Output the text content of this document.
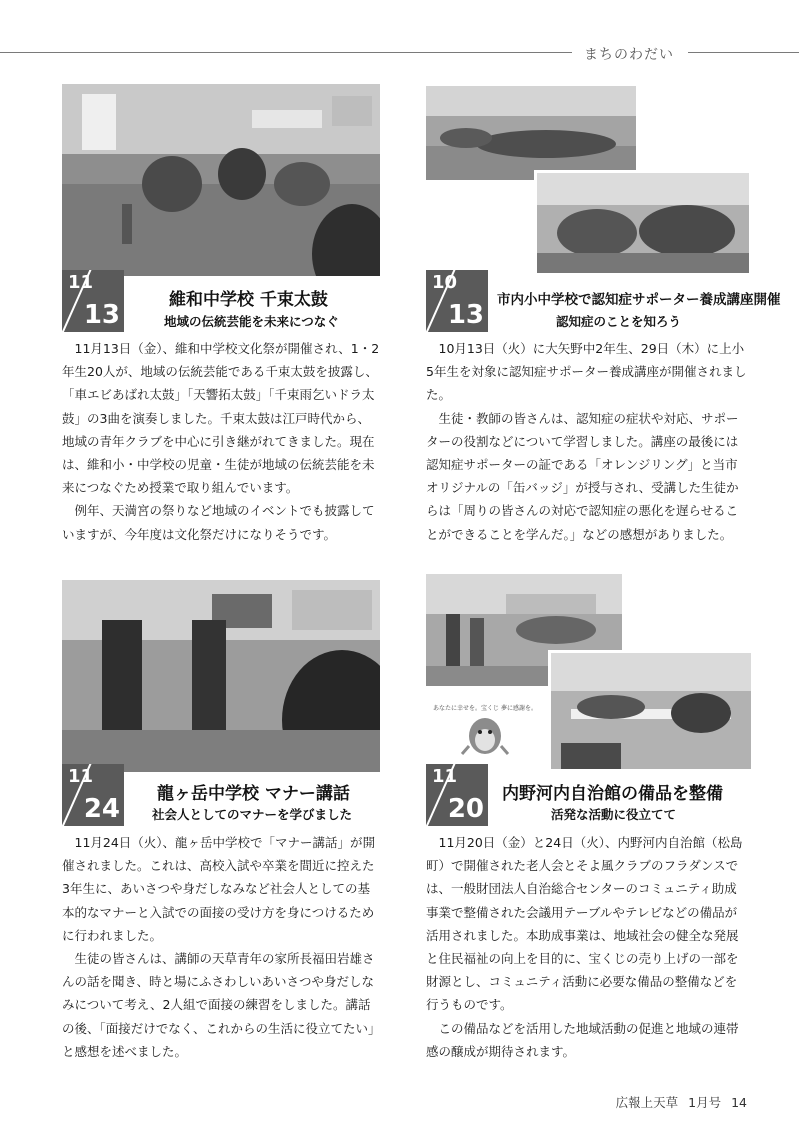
まちのわだい
11
13	維和中学校 千束太鼓
地域の伝統芸能を未来につなぐ

11月13日（金）、維和中学校文化祭が開催され、1・2年生20人が、地域の伝統芸能である千束太鼓を披露し、「車エビあばれ太鼓」「天響拓太鼓」「千束雨乞いドラ太鼓」の3曲を演奏しました。千束太鼓は江戸時代から、地域の青年クラブを中心に引き継がれてきました。現在は、維和小・中学校の児童・生徒が地域の伝統芸能を未来につなぐため授業で取り組んでいます。

例年、天満宮の祭りなど地域のイベントでも披露していますが、今年度は文化祭だけになりそうです。

10
13 市内小中学校で認知症サポーター養成講座開催
認知症のことを知ろう

10月13日（火）に大矢野中2年生、29日（木）に上小5年生を対象に認知症サポーター養成講座が開催されました。

生徒・教師の皆さんは、認知症の症状や対応、サポーターの役割などについて学習しました。講座の最後には認知症サポーターの証である「オレンジリング」と当市オリジナルの「缶バッジ」が授与され、受講した生徒からは「周りの皆さんの対応で認知症の悪化を遅らせることができることを学んだ。」などの感想がありました。

11
24 龍ヶ岳中学校 マナー講話
社会人としてのマナーを学びました

11月24日（火）、龍ヶ岳中学校で「マナー講話」が開催されました。これは、高校入試や卒業を間近に控えた3年生に、あいさつや身だしなみなど社会人としての基本的なマナーと入試での面接の受け方を身につけるために行われました。

生徒の皆さんは、講師の天草青年の家所長福田岩雄さんの話を聞き、時と場にふさわしいあいさつや身だしなみについて考え、2人組で面接の練習をしました。講話の後、「面接だけでなく、これからの生活に役立てたい」と感想を述べました。

あなたに幸せを。宝くじ 夢に感謝を。
11
20 内野河内自治館の備品を整備
活発な活動に役立てて

11月20日（金）と24日（火）、内野河内自治館（松島町）で開催された老人会とそよ風クラブのフラダンスでは、一般財団法人自治総合センターのコミュニティ助成事業で整備された会議用テーブルやテレビなどの備品が活用されました。本助成事業は、地域社会の健全な発展と住民福祉の向上を目的に、宝くじの売り上げの一部を財源とし、コミュニティ活動に必要な備品の整備などを行うものです。

この備品などを活用した地域活動の促進と地域の連帯感の醸成が期待されます。

広報上天草 1月号 14
